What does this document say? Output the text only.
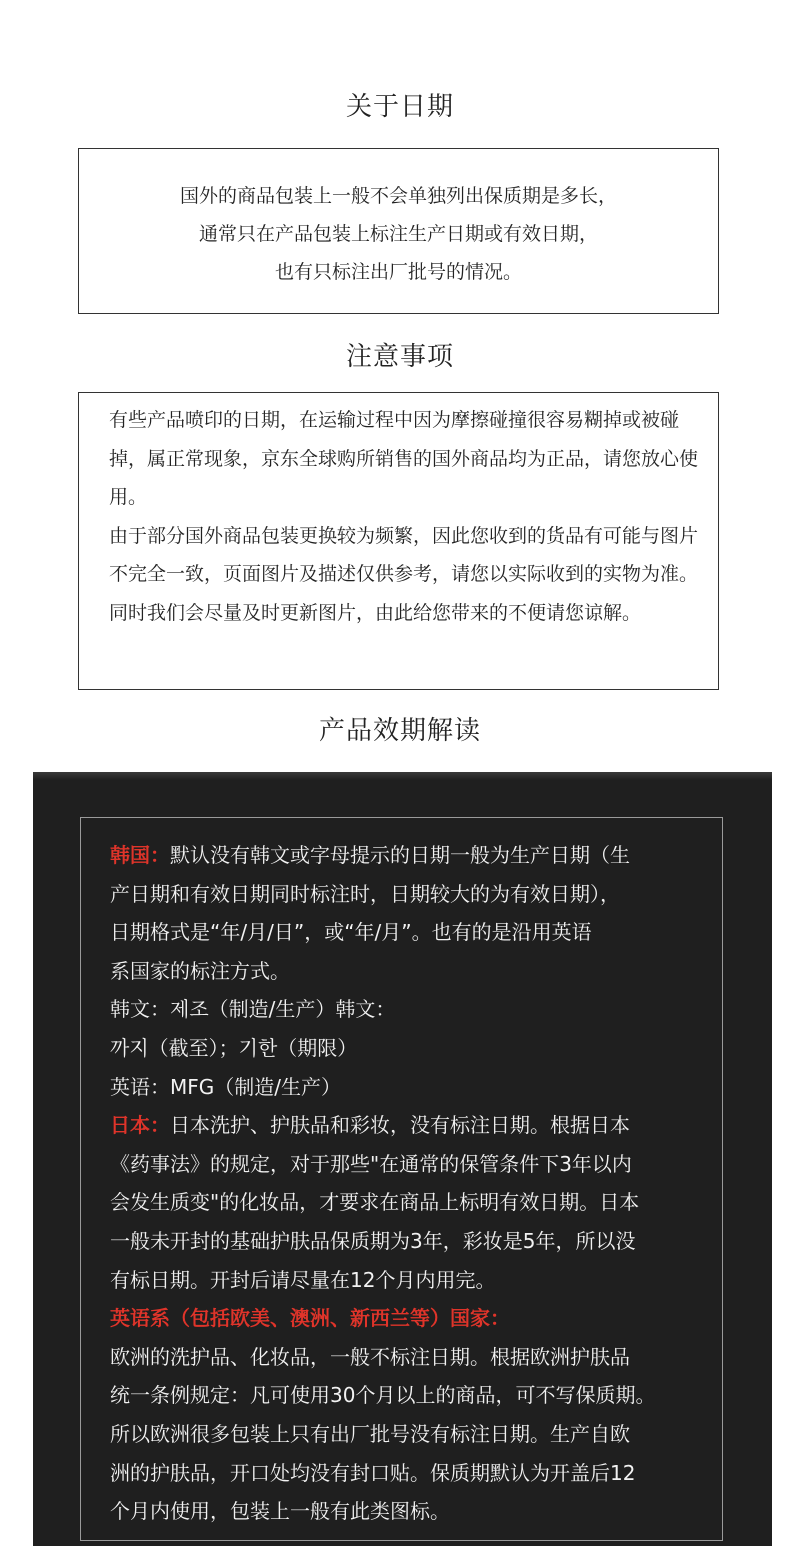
关于日期

国外的商品包装上一般不会单独列出保质期是多长，

通常只在产品包装上标注生产日期或有效日期，

也有只标注出厂批号的情况。

注意事项

有些产品喷印的日期，在运输过程中因为摩擦碰撞很容易糊掉或被碰掉，属正常现象，京东全球购所销售的国外商品均为正品，请您放心使用。

由于部分国外商品包装更换较为频繁，因此您收到的货品有可能与图片不完全一致，页面图片及描述仅供参考，请您以实际收到的实物为准。同时我们会尽量及时更新图片，由此给您带来的不便请您谅解。

产品效期解读

韩国：默认没有韩文或字母提示的日期一般为生产日期（生

产日期和有效日期同时标注时，日期较大的为有效日期），

日期格式是“年/月/日”，或“年/月”。也有的是沿用英语

系国家的标注方式。

韩文：제조（制造/生产）韩文：

까지（截至）；기한（期限）

英语：MFG（制造/生产）

日本：日本洗护、护肤品和彩妆，没有标注日期。根据日本

《药事法》的规定，对于那些"在通常的保管条件下3年以内

会发生质变"的化妆品，才要求在商品上标明有效日期。日本

一般未开封的基础护肤品保质期为3年，彩妆是5年，所以没

有标日期。开封后请尽量在12个月内用完。

英语系（包括欧美、澳洲、新西兰等）国家：

欧洲的洗护品、化妆品，一般不标注日期。根据欧洲护肤品

统一条例规定：凡可使用30个月以上的商品，可不写保质期。

所以欧洲很多包装上只有出厂批号没有标注日期。生产自欧

洲的护肤品，开口处均没有封口贴。保质期默认为开盖后12

个月内使用，包装上一般有此类图标。
